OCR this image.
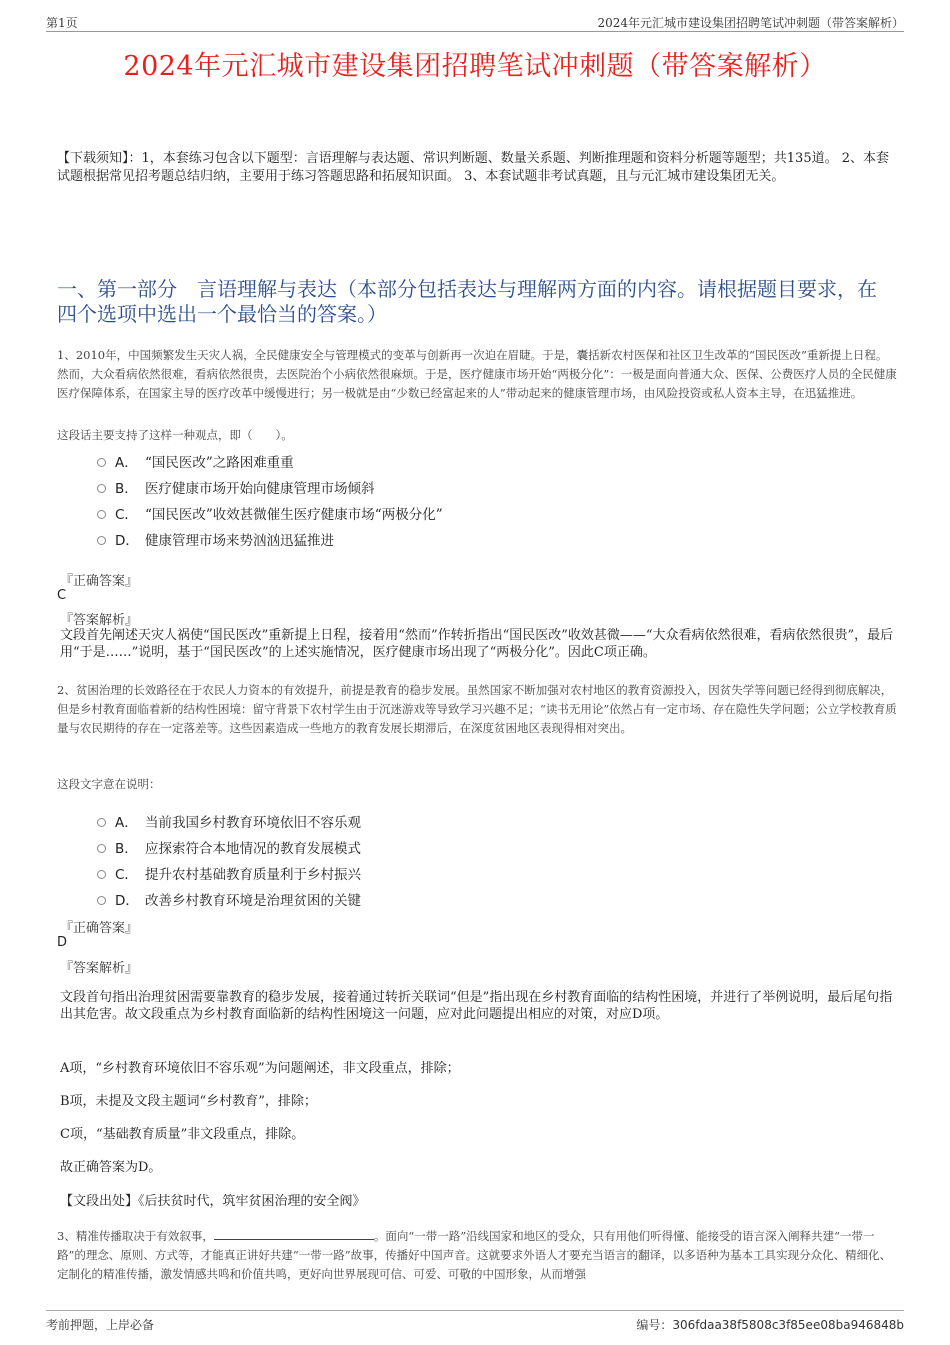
第1页	2024年元汇城市建设集团招聘笔试冲刺题（带答案解析）
2024年元汇城市建设集团招聘笔试冲刺题（带答案解析）
【下载须知】：1，本套练习包含以下题型：言语理解与表达题、常识判断题、数量关系题、判断推理题和资料分析题等题型；共135道。 2、本套试题根据常见招考题总结归纳，主要用于练习答题思路和拓展知识面。 3、本套试题非考试真题，且与元汇城市建设集团无关。
一、第一部分　言语理解与表达（本部分包括表达与理解两方面的内容。请根据题目要求，在四个选项中选出一个最恰当的答案。）
1、2010年，中国频繁发生天灾人祸，全民健康安全与管理模式的变革与创新再一次迫在眉睫。于是，囊括新农村医保和社区卫生改革的“国民医改”重新提上日程。然而，大众看病依然很难，看病依然很贵，去医院治个小病依然很麻烦。于是，医疗健康市场开始“两极分化”：一极是面向普通大众、医保、公费医疗人员的全民健康医疗保障体系，在国家主导的医疗改革中缓慢进行；另一极就是由“少数已经富起来的人”带动起来的健康管理市场，由风险投资或私人资本主导，在迅猛推进。
这段话主要支持了这样一种观点，即（　　）。
A． “国民医改”之路困难重重
B． 医疗健康市场开始向健康管理市场倾斜
C． “国民医改”收效甚微催生医疗健康市场“两极分化”
D． 健康管理市场来势汹汹迅猛推进
『正确答案』
C
『答案解析』
文段首先阐述天灾人祸使“国民医改”重新提上日程，接着用“然而”作转折指出“国民医改”收效甚微——“大众看病依然很难，看病依然很贵”，最后用“于是……”说明，基于“国民医改”的上述实施情况，医疗健康市场出现了“两极分化”。因此C项正确。
2、贫困治理的长效路径在于农民人力资本的有效提升，前提是教育的稳步发展。虽然国家不断加强对农村地区的教育资源投入，因贫失学等问题已经得到彻底解决，但是乡村教育面临着新的结构性困境：留守背景下农村学生由于沉迷游戏等导致学习兴趣不足；“读书无用论”依然占有一定市场、存在隐性失学问题；公立学校教育质量与农民期待的存在一定落差等。这些因素造成一些地方的教育发展长期滞后，在深度贫困地区表现得相对突出。
这段文字意在说明：
A． 当前我国乡村教育环境依旧不容乐观
B． 应探索符合本地情况的教育发展模式
C． 提升农村基础教育质量利于乡村振兴
D． 改善乡村教育环境是治理贫困的关键
『正确答案』
D
『答案解析』
文段首句指出治理贫困需要靠教育的稳步发展，接着通过转折关联词“但是”指出现在乡村教育面临的结构性困境，并进行了举例说明，最后尾句指出其危害。故文段重点为乡村教育面临新的结构性困境这一问题，应对此问题提出相应的对策，对应D项。
A项，“乡村教育环境依旧不容乐观”为问题阐述，非文段重点，排除；
B项，未提及文段主题词“乡村教育”，排除；
C项，“基础教育质量”非文段重点，排除。
故正确答案为D。
【文段出处】《后扶贫时代，筑牢贫困治理的安全阀》
3、精准传播取决于有效叙事，	。面向“一带一路”沿线国家和地区的受众，只有用他们听得懂、能接受的语言深入阐释共建“一带一路”的理念、原则、方式等，才能真正讲好共建“一带一路”故事，传播好中国声音。这就要求外语人才要充当语言的翻译，以多语种为基本工具实现分众化、精细化、定制化的精准传播，激发情感共鸣和价值共鸣，更好向世界展现可信、可爱、可敬的中国形象，从而增强
考前押题，上岸必备	编号：306fdaa38f5808c3f85ee08ba946848b
